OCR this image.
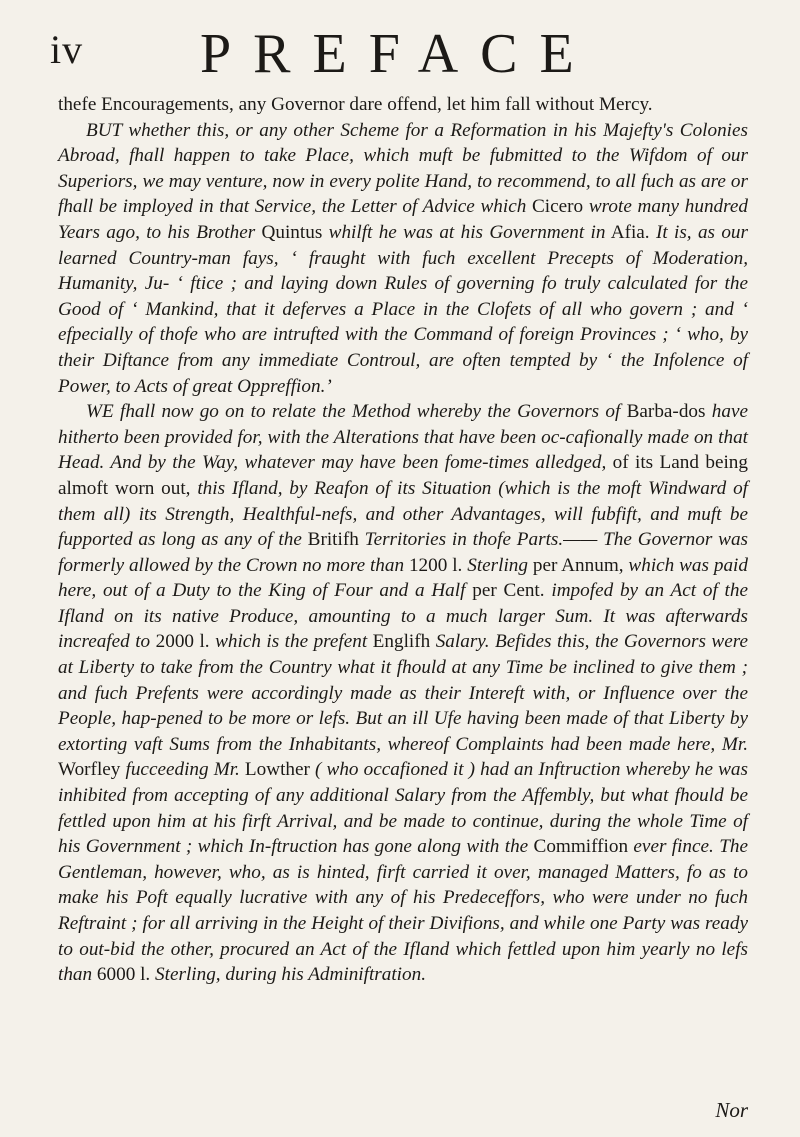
iv PREFACE

thefe Encouragements, any Governor dare offend, let him fall without Mercy.

BUT whether this, or any other Scheme for a Reformation in his Majefty's Colonies Abroad, fhall happen to take Place, which muft be fubmitted to the Wifdom of our Superiors, we may venture, now in every polite Hand, to recommend, to all fuch as are or fhall be imployed in that Service, the Letter of Advice which Cicero wrote many hundred Years ago, to his Brother Quintus whilft he was at his Government in Afia. It is, as our learned Country-man fays, ‘ fraught with fuch excellent Precepts of Moderation, Humanity, Ju- ‘ ftice ; and laying down Rules of governing fo truly calculated for the Good of ‘ Mankind, that it deferves a Place in the Clofets of all who govern ; and ‘ efpecially of thofe who are intrufted with the Command of foreign Provinces ; ‘ who, by their Diftance from any immediate Controul, are often tempted by ‘ the Infolence of Power, to Acts of great Oppreffion.’

WE fhall now go on to relate the Method whereby the Governors of Barba-dos have hitherto been provided for, with the Alterations that have been oc-cafionally made on that Head. And by the Way, whatever may have been fome-times alledged, of its Land being almoft worn out, this Ifland, by Reafon of its Situation (which is the moft Windward of them all) its Strength, Healthful-nefs, and other Advantages, will fubfift, and muft be fupported as long as any of the Britifh Territories in thofe Parts.—— The Governor was formerly allowed by the Crown no more than 1200 l. Sterling per Annum, which was paid here, out of a Duty to the King of Four and a Half per Cent. impofed by an Act of the Ifland on its native Produce, amounting to a much larger Sum. It was afterwards increafed to 2000 l. which is the prefent Englifh Salary. Befides this, the Governors were at Liberty to take from the Country what it fhould at any Time be inclined to give them ; and fuch Prefents were accordingly made as their Intereft with, or Influence over the People, hap-pened to be more or lefs. But an ill Ufe having been made of that Liberty by extorting vaft Sums from the Inhabitants, whereof Complaints had been made here, Mr. Worfley fucceeding Mr. Lowther ( who occafioned it ) had an Inftruction whereby he was inhibited from accepting of any additional Salary from the Affembly, but what fhould be fettled upon him at his firft Arrival, and be made to continue, during the whole Time of his Government ; which In-ftruction has gone along with the Commiffion ever fince. The Gentleman, however, who, as is hinted, firft carried it over, managed Matters, fo as to make his Poft equally lucrative with any of his Predeceffors, who were under no fuch Reftraint ; for all arriving in the Height of their Divifions, and while one Party was ready to out-bid the other, procured an Act of the Ifland which fettled upon him yearly no lefs than 6000 l. Sterling, during his Adminiftration.

Nor
